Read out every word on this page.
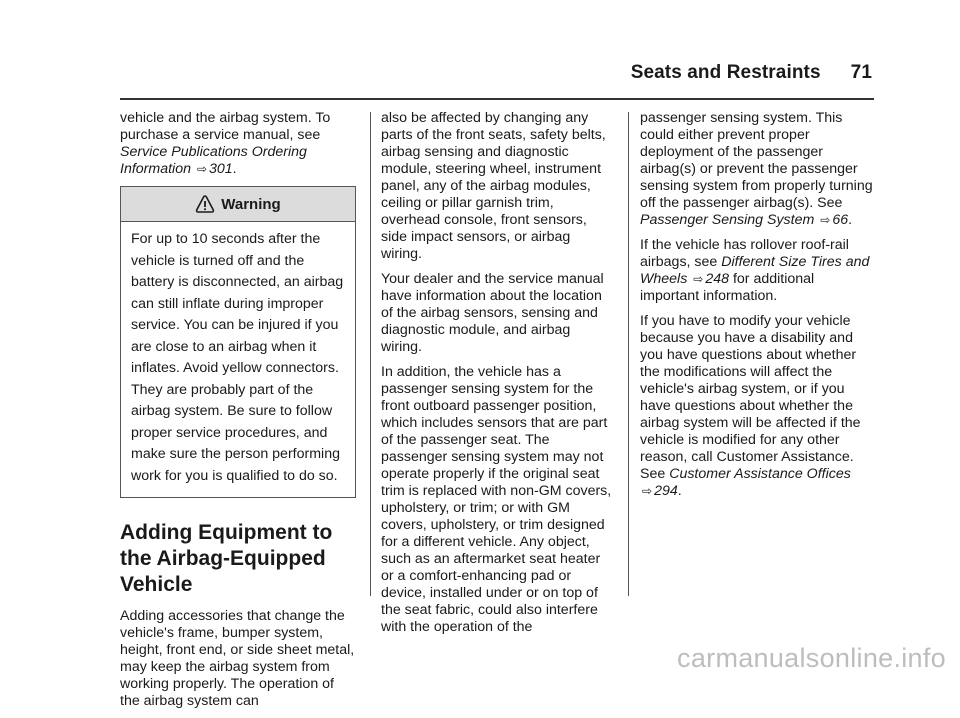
Seats and Restraints 71

vehicle and the airbag system. To purchase a service manual, see Service Publications Ordering Information ⇨ 301.

Warning
For up to 10 seconds after the vehicle is turned off and the battery is disconnected, an airbag can still inflate during improper service. You can be injured if you are close to an airbag when it inflates. Avoid yellow connectors. They are probably part of the airbag system. Be sure to follow proper service procedures, and make sure the person performing work for you is qualified to do so.
Adding Equipment to the Airbag-Equipped Vehicle

Adding accessories that change the vehicle's frame, bumper system, height, front end, or side sheet metal, may keep the airbag system from working properly. The operation of the airbag system can

also be affected by changing any parts of the front seats, safety belts, airbag sensing and diagnostic module, steering wheel, instrument panel, any of the airbag modules, ceiling or pillar garnish trim, overhead console, front sensors, side impact sensors, or airbag wiring.

Your dealer and the service manual have information about the location of the airbag sensors, sensing and diagnostic module, and airbag wiring.

In addition, the vehicle has a passenger sensing system for the front outboard passenger position, which includes sensors that are part of the passenger seat. The passenger sensing system may not operate properly if the original seat trim is replaced with non-GM covers, upholstery, or trim; or with GM covers, upholstery, or trim designed for a different vehicle. Any object, such as an aftermarket seat heater or a comfort-enhancing pad or device, installed under or on top of the seat fabric, could also interfere with the operation of the

passenger sensing system. This could either prevent proper deployment of the passenger airbag(s) or prevent the passenger sensing system from properly turning off the passenger airbag(s). See Passenger Sensing System ⇨ 66.

If the vehicle has rollover roof-rail airbags, see Different Size Tires and Wheels ⇨ 248 for additional important information.

If you have to modify your vehicle because you have a disability and you have questions about whether the modifications will affect the vehicle's airbag system, or if you have questions about whether the airbag system will be affected if the vehicle is modified for any other reason, call Customer Assistance. See Customer Assistance Offices ⇨ 294.

carmanualsonline.info
